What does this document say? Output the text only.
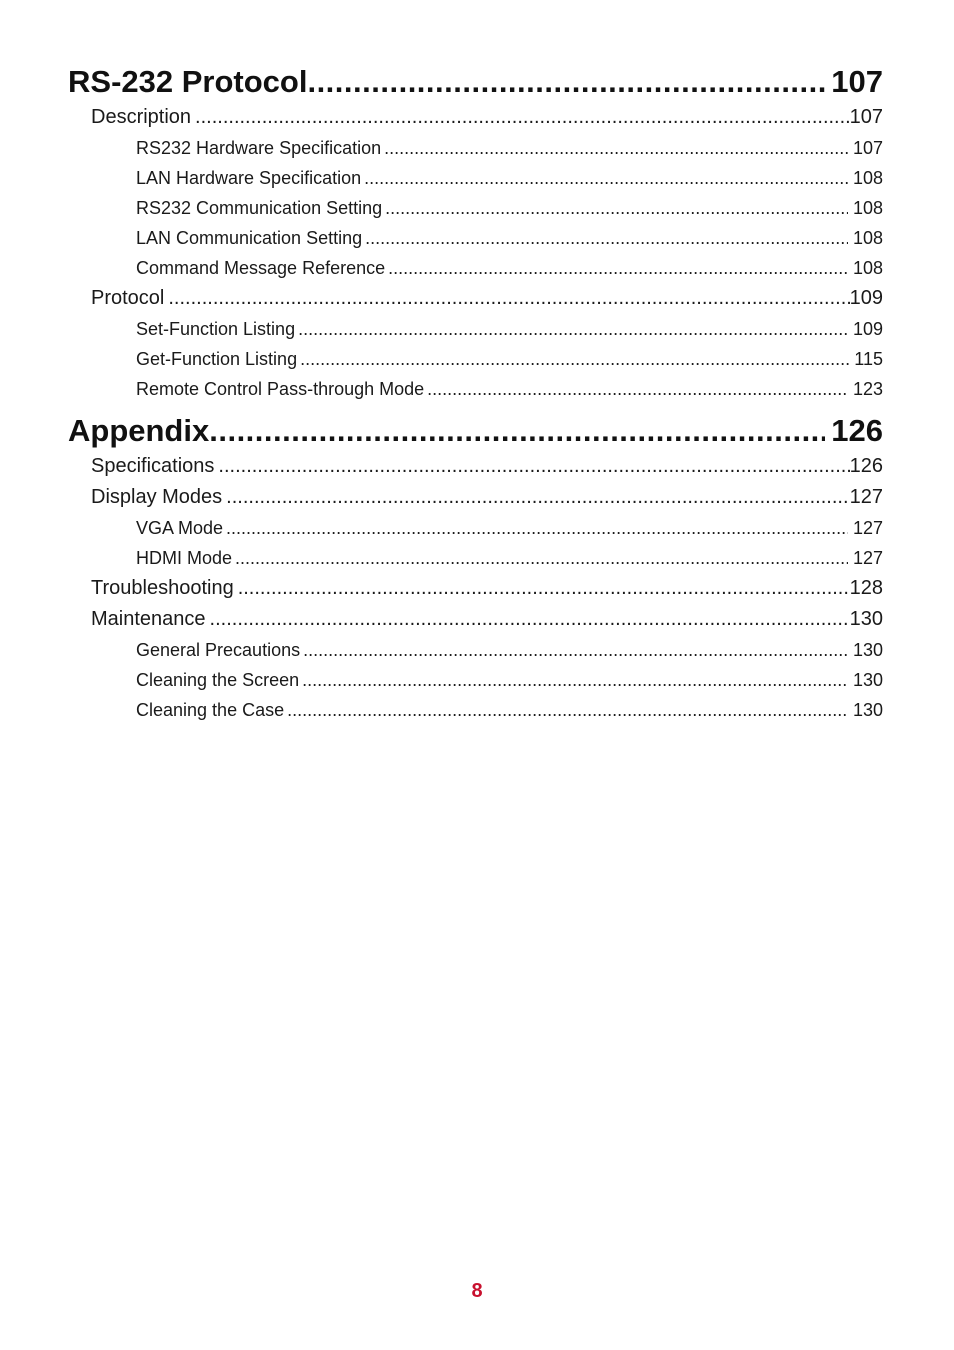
RS-232 Protocol .....	107
Description .....	107
RS232 Hardware Specification .....	107
LAN Hardware Specification .....	108
RS232 Communication Setting .....	108
LAN Communication Setting .....	108
Command Message Reference .....	108
Protocol .....	109
Set-Function Listing .....	109
Get-Function Listing .....	115
Remote Control Pass-through Mode .....	123
Appendix .....	126
Specifications .....	126
Display Modes .....	127
VGA Mode .....	127
HDMI Mode .....	127
Troubleshooting .....	128
Maintenance .....	130
General Precautions .....	130
Cleaning the Screen .....	130
Cleaning the Case .....	130
8
